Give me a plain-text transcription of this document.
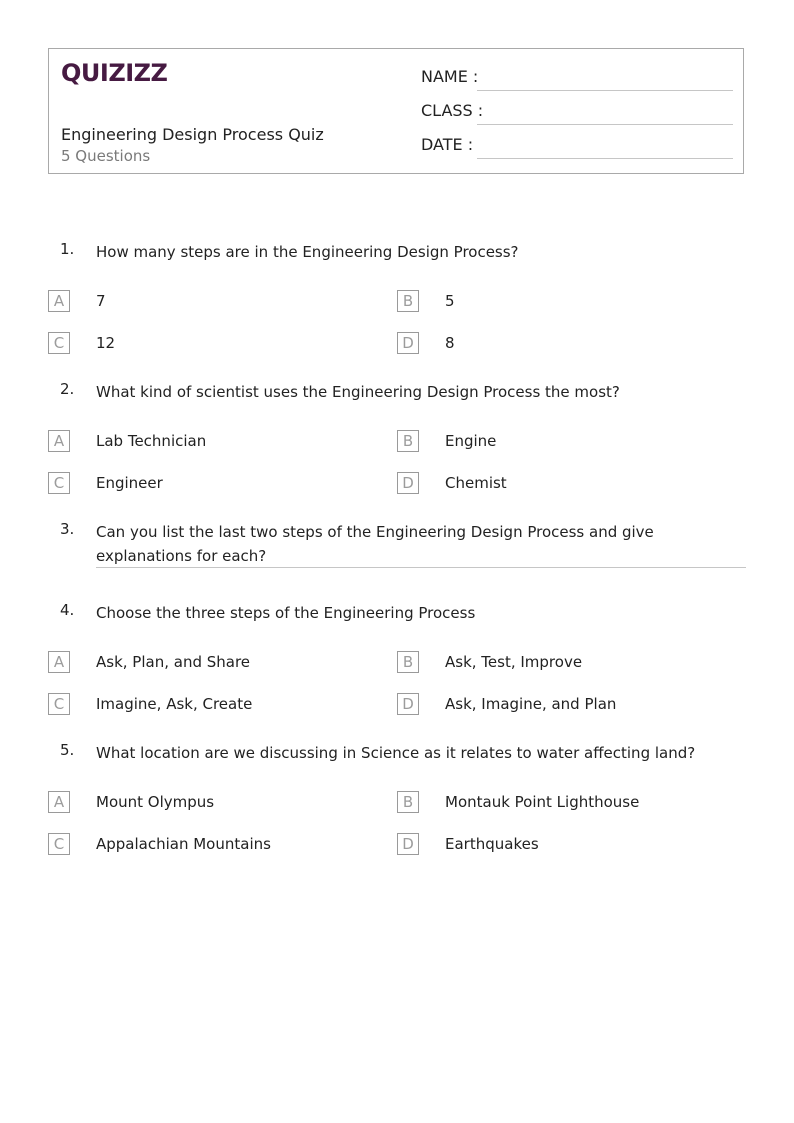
QUIZIZZ
Engineering Design Process Quiz
5 Questions
NAME :
CLASS :
DATE :
1. How many steps are in the Engineering Design Process?
A	7	B	5
C	12	D	8
2. What kind of scientist uses the Engineering Design Process the most?
A	Lab Technician	B	Engine
C	Engineer	D	Chemist
3. Can you list the last two steps of the Engineering Design Process and give explanations for each?
4. Choose the three steps of the Engineering Process
A	Ask, Plan, and Share	B	Ask, Test, Improve
C	Imagine, Ask, Create	D	Ask, Imagine, and Plan
5. What location are we discussing in Science as it relates to water affecting land?
A	Mount Olympus	B	Montauk Point Lighthouse
C	Appalachian Mountains	D	Earthquakes
